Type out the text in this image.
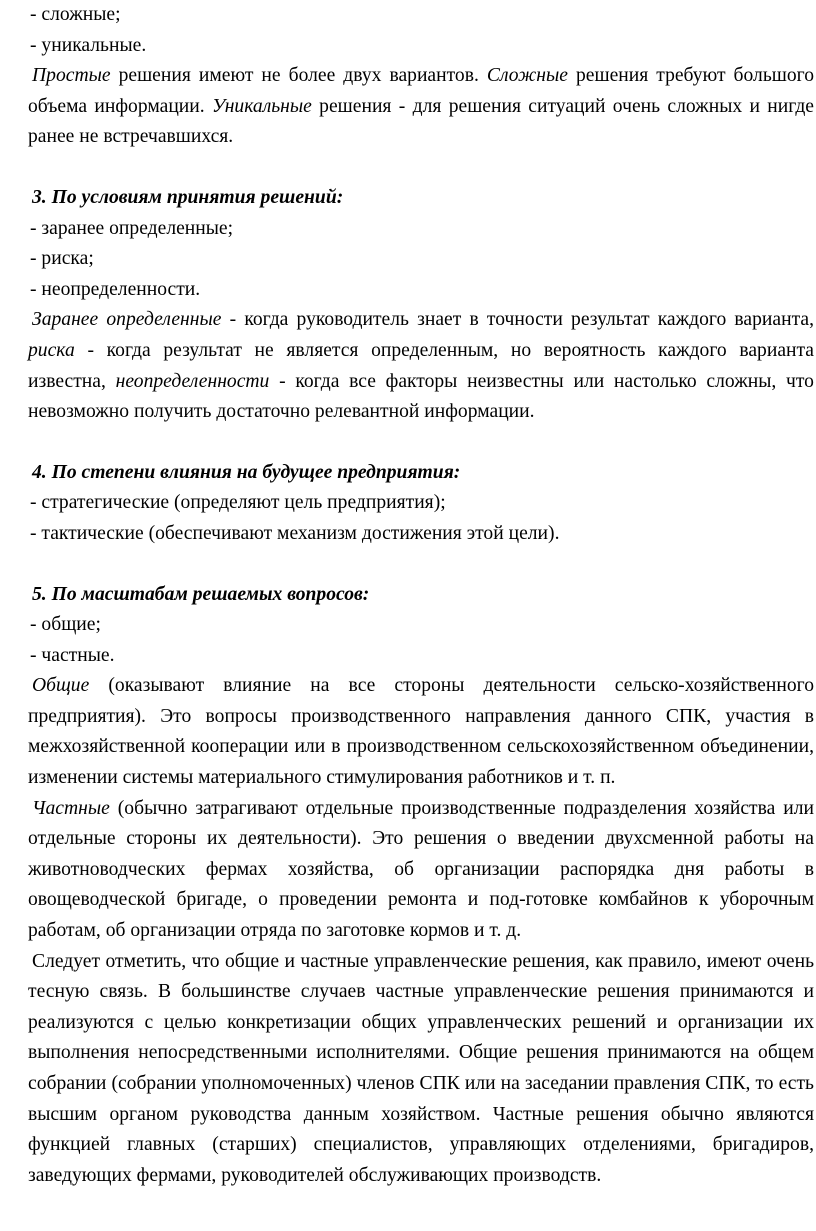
- сложные;
- уникальные.

Простые решения имеют не более двух вариантов. Сложные решения требуют большого объема информации. Уникальные решения - для решения ситуаций очень сложных и нигде ранее не встречавшихся.

3. По условиям принятия решений:

- заранее определенные;
- риска;
- неопределенности.

Заранее определенные - когда руководитель знает в точности результат каждого варианта, риска - когда результат не является определенным, но вероятность каждого варианта известна, неопределенности - когда все факторы неизвестны или настолько сложны, что невозможно получить достаточно релевантной информации.

4. По степени влияния на будущее предприятия:

- стратегические (определяют цель предприятия);
- тактические (обеспечивают механизм достижения этой цели).

5. По масштабам решаемых вопросов:

- общие;
- частные.

Общие (оказывают влияние на все стороны деятельности сельско-хозяйственного предприятия). Это вопросы производственного направления данного СПК, участия в межхозяйственной кооперации или в производственном сельскохозяйственном объединении, изменении системы материального стимулирования работников и т. п.

Частные (обычно затрагивают отдельные производственные подразделения хозяйства или отдельные стороны их деятельности). Это решения о введении двухсменной работы на животноводческих фермах хозяйства, об организации распорядка дня работы в овощеводческой бригаде, о проведении ремонта и под-готовке комбайнов к уборочным работам, об организации отряда по заготовке кормов и т. д.

Следует отметить, что общие и частные управленческие решения, как правило, имеют очень тесную связь. В большинстве случаев частные управленческие решения принимаются и реализуются с целью конкретизации общих управленческих решений и организации их выполнения непосредственными исполнителями. Общие решения принимаются на общем собрании (собрании уполномоченных) членов СПК или на заседании правления СПК, то есть высшим органом руководства данным хозяйством. Частные решения обычно являются функцией главных (старших) специалистов, управляющих отделениями, бригадиров, заведующих фермами, руководителей обслуживающих производств.
